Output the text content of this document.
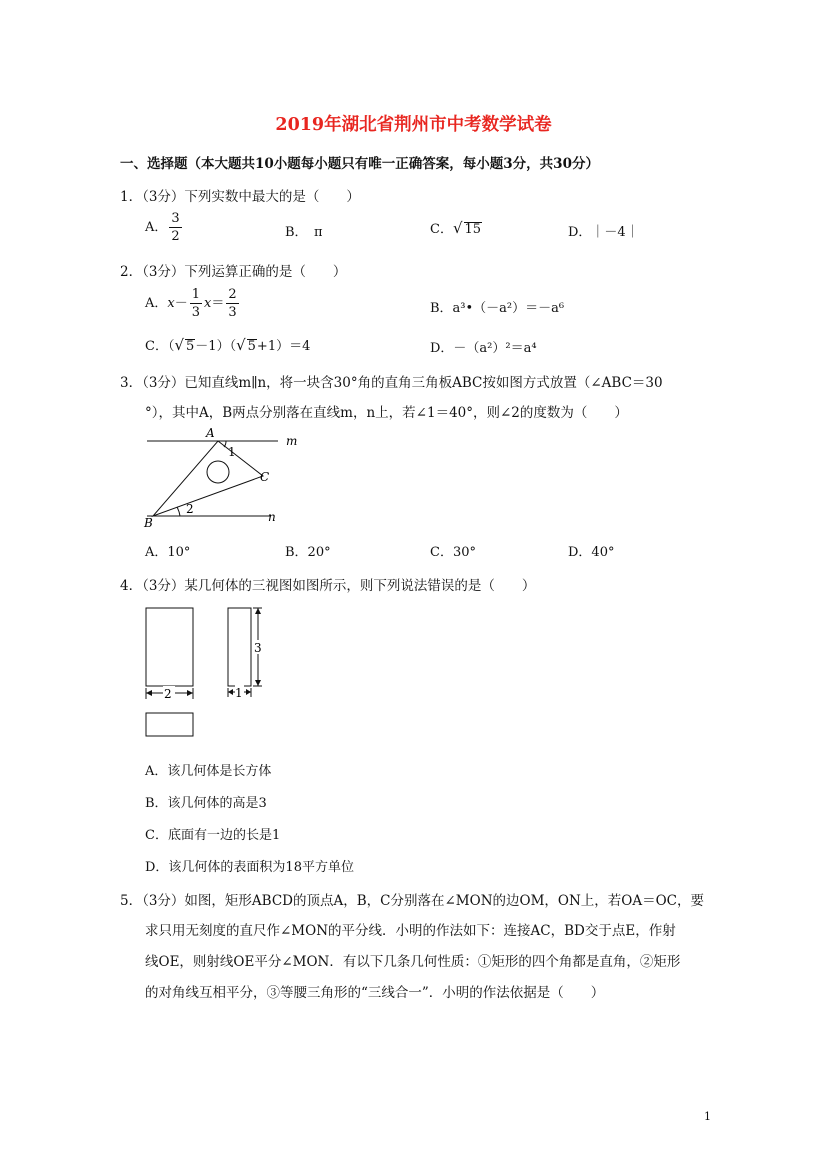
2019年湖北省荆州市中考数学试卷
一、选择题（本大题共10小题每小题只有唯一正确答案，每小题3分，共30分）
1．（3分）下列实数中最大的是（　　）
A． $\frac{3}{2}$	B．　π	C．√ 15	D．｜－4｜
2．（3分）下列运算正确的是（　　）
A．$x- \frac{1}{3} x= \frac{2}{3}$	B．a³•（－a²）＝－a⁶
C．（√ 5－1）（√ 5+1）＝4	D．－（a²）²＝a⁴
3．（3分）已知直线m∥n，将一块含30°角的直角三角板ABC按如图方式放置（∠ABC＝30
°），其中A，B两点分别落在直线m，n上，若∠1＝40°，则∠2的度数为（　　）
A
m
1
C
2
n
B
A．10°	B．20°	C．30°	D．40°
4．（3分）某几何体的三视图如图所示，则下列说法错误的是（　　）
2
3
1
A．该几何体是长方体
B．该几何体的高是3
C．底面有一边的长是1
D．该几何体的表面积为18平方单位
5．（3分）如图，矩形ABCD的顶点A，B，C分别落在∠MON的边OM，ON上，若OA＝OC，要
求只用无刻度的直尺作∠MON的平分线．小明的作法如下：连接AC，BD交于点E，作射
线OE，则射线OE平分∠MON．有以下几条几何性质：①矩形的四个角都是直角，②矩形
的对角线互相平分，③等腰三角形的“三线合一”．小明的作法依据是（　　）
1
